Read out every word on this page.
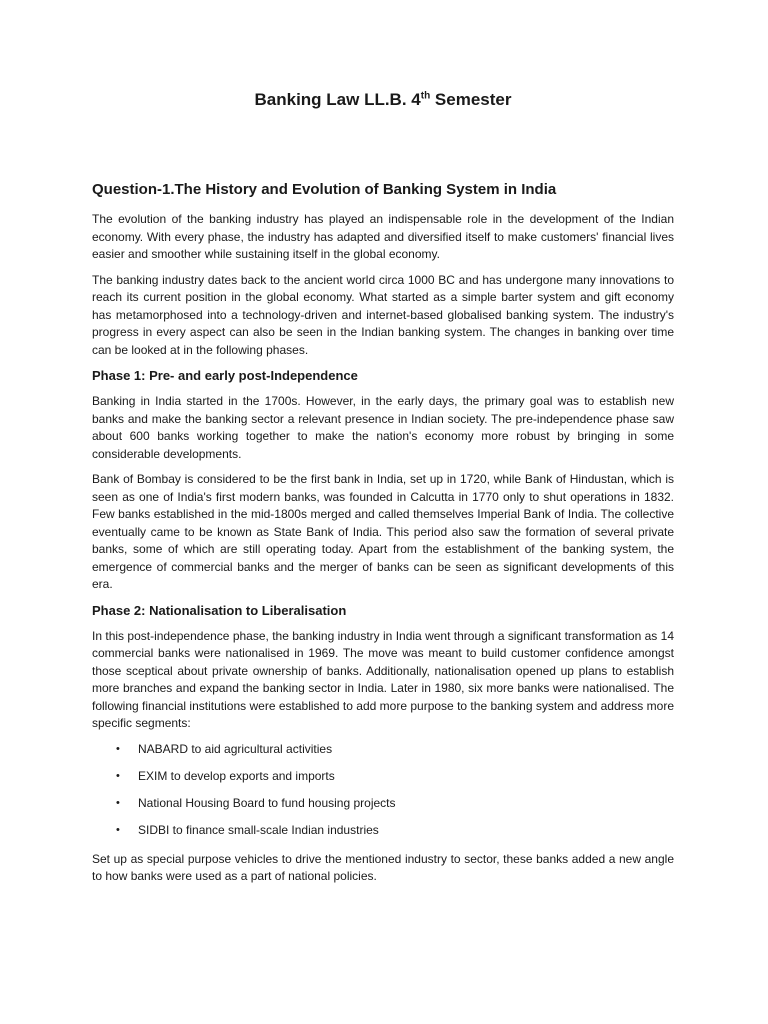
Banking Law LL.B. 4th Semester
Question-1.The History and Evolution of Banking System in India

The evolution of the banking industry has played an indispensable role in the development of the Indian economy. With every phase, the industry has adapted and diversified itself to make customers' financial lives easier and smoother while sustaining itself in the global economy.

The banking industry dates back to the ancient world circa 1000 BC and has undergone many innovations to reach its current position in the global economy. What started as a simple barter system and gift economy has metamorphosed into a technology-driven and internet-based globalised banking system. The industry's progress in every aspect can also be seen in the Indian banking system. The changes in banking over time can be looked at in the following phases.

Phase 1: Pre- and early post-Independence

Banking in India started in the 1700s. However, in the early days, the primary goal was to establish new banks and make the banking sector a relevant presence in Indian society. The pre-independence phase saw about 600 banks working together to make the nation's economy more robust by bringing in some considerable developments.

Bank of Bombay is considered to be the first bank in India, set up in 1720, while Bank of Hindustan, which is seen as one of India's first modern banks, was founded in Calcutta in 1770 only to shut operations in 1832. Few banks established in the mid-1800s merged and called themselves Imperial Bank of India. The collective eventually came to be known as State Bank of India. This period also saw the formation of several private banks, some of which are still operating today. Apart from the establishment of the banking system, the emergence of commercial banks and the merger of banks can be seen as significant developments of this era.

Phase 2: Nationalisation to Liberalisation

In this post-independence phase, the banking industry in India went through a significant transformation as 14 commercial banks were nationalised in 1969. The move was meant to build customer confidence amongst those sceptical about private ownership of banks. Additionally, nationalisation opened up plans to establish more branches and expand the banking sector in India. Later in 1980, six more banks were nationalised. The following financial institutions were established to add more purpose to the banking system and address more specific segments:

• NABARD to aid agricultural activities
• EXIM to develop exports and imports
• National Housing Board to fund housing projects
• SIDBI to finance small-scale Indian industries

Set up as special purpose vehicles to drive the mentioned industry to sector, these banks added a new angle to how banks were used as a part of national policies.
